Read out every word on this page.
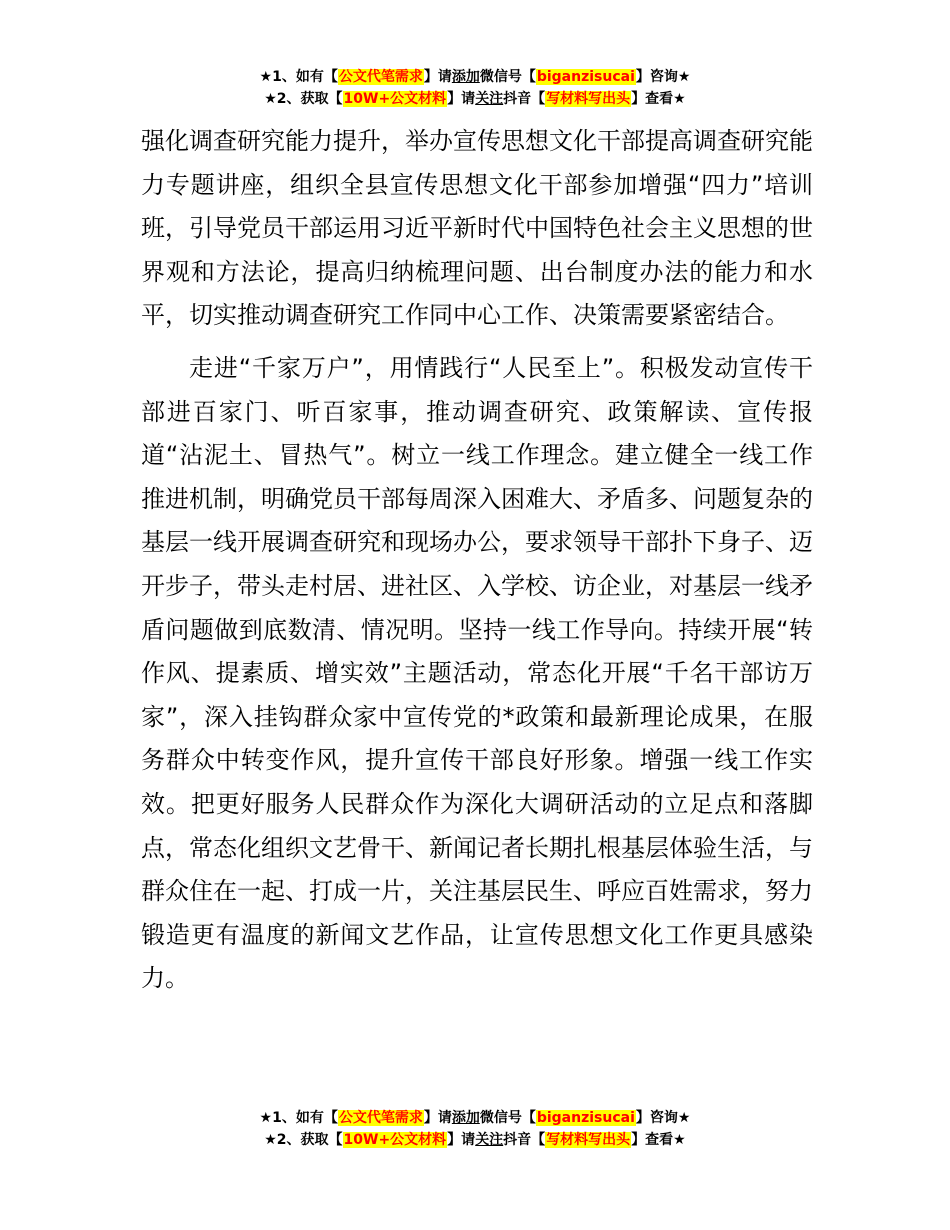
★1、如有【公文代笔需求】请添加微信号【biganzisucai】咨询★
★2、获取【10W+公文材料】请关注抖音【写材料写出头】查看★

强化调查研究能力提升，举办宣传思想文化干部提高调查研究能力专题讲座，组织全县宣传思想文化干部参加增强“四力”培训班，引导党员干部运用习近平新时代中国特色社会主义思想的世界观和方法论，提高归纳梳理问题、出台制度办法的能力和水平，切实推动调查研究工作同中心工作、决策需要紧密结合。

走进“千家万户”，用情践行“人民至上”。积极发动宣传干部进百家门、听百家事，推动调查研究、政策解读、宣传报道“沾泥土、冒热气”。树立一线工作理念。建立健全一线工作推进机制，明确党员干部每周深入困难大、矛盾多、问题复杂的基层一线开展调查研究和现场办公，要求领导干部扑下身子、迈开步子，带头走村居、进社区、入学校、访企业，对基层一线矛盾问题做到底数清、情况明。坚持一线工作导向。持续开展“转作风、提素质、增实效”主题活动，常态化开展“千名干部访万家”，深入挂钩群众家中宣传党的*政策和最新理论成果，在服务群众中转变作风，提升宣传干部良好形象。增强一线工作实效。把更好服务人民群众作为深化大调研活动的立足点和落脚点，常态化组织文艺骨干、新闻记者长期扎根基层体验生活，与群众住在一起、打成一片，关注基层民生、呼应百姓需求，努力锻造更有温度的新闻文艺作品，让宣传思想文化工作更具感染力。

★1、如有【公文代笔需求】请添加微信号【biganzisucai】咨询★
★2、获取【10W+公文材料】请关注抖音【写材料写出头】查看★
